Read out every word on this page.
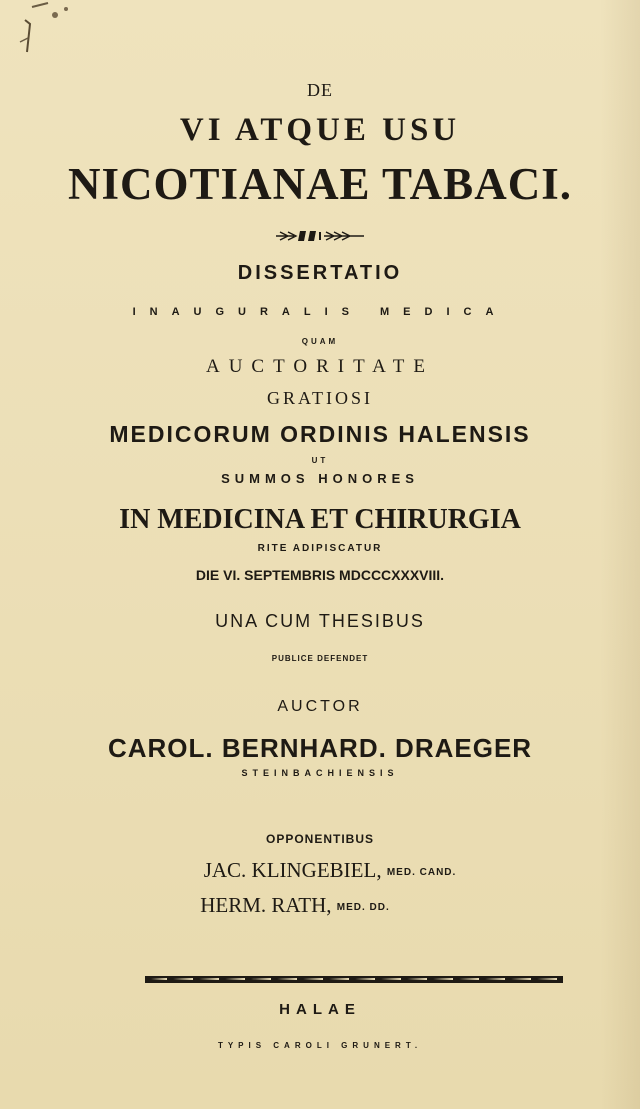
DE
VI ATQUE USU
NICOTIANAE TABACI.
DISSERTATIO
INAUGURALIS MEDICA
QUAM
AUCTORITATE
GRATIOSI
MEDICORUM ORDINIS HALENSIS
UT
SUMMOS HONORES
IN MEDICINA ET CHIRURGIA
RITE ADIPISCATUR
DIE VI. SEPTEMBRIS MDCCCXXXVIII.
UNA CUM THESIBUS
PUBLICE DEFENDET
AUCTOR
CAROL. BERNHARD. DRAEGER
STEINBACHIENSIS
OPPONENTIBUS
JAC. KLINGEBIEL, MED. CAND.
HERM. RATH, MED. DD.
HALAE
TYPIS CAROLI GRUNERT.
